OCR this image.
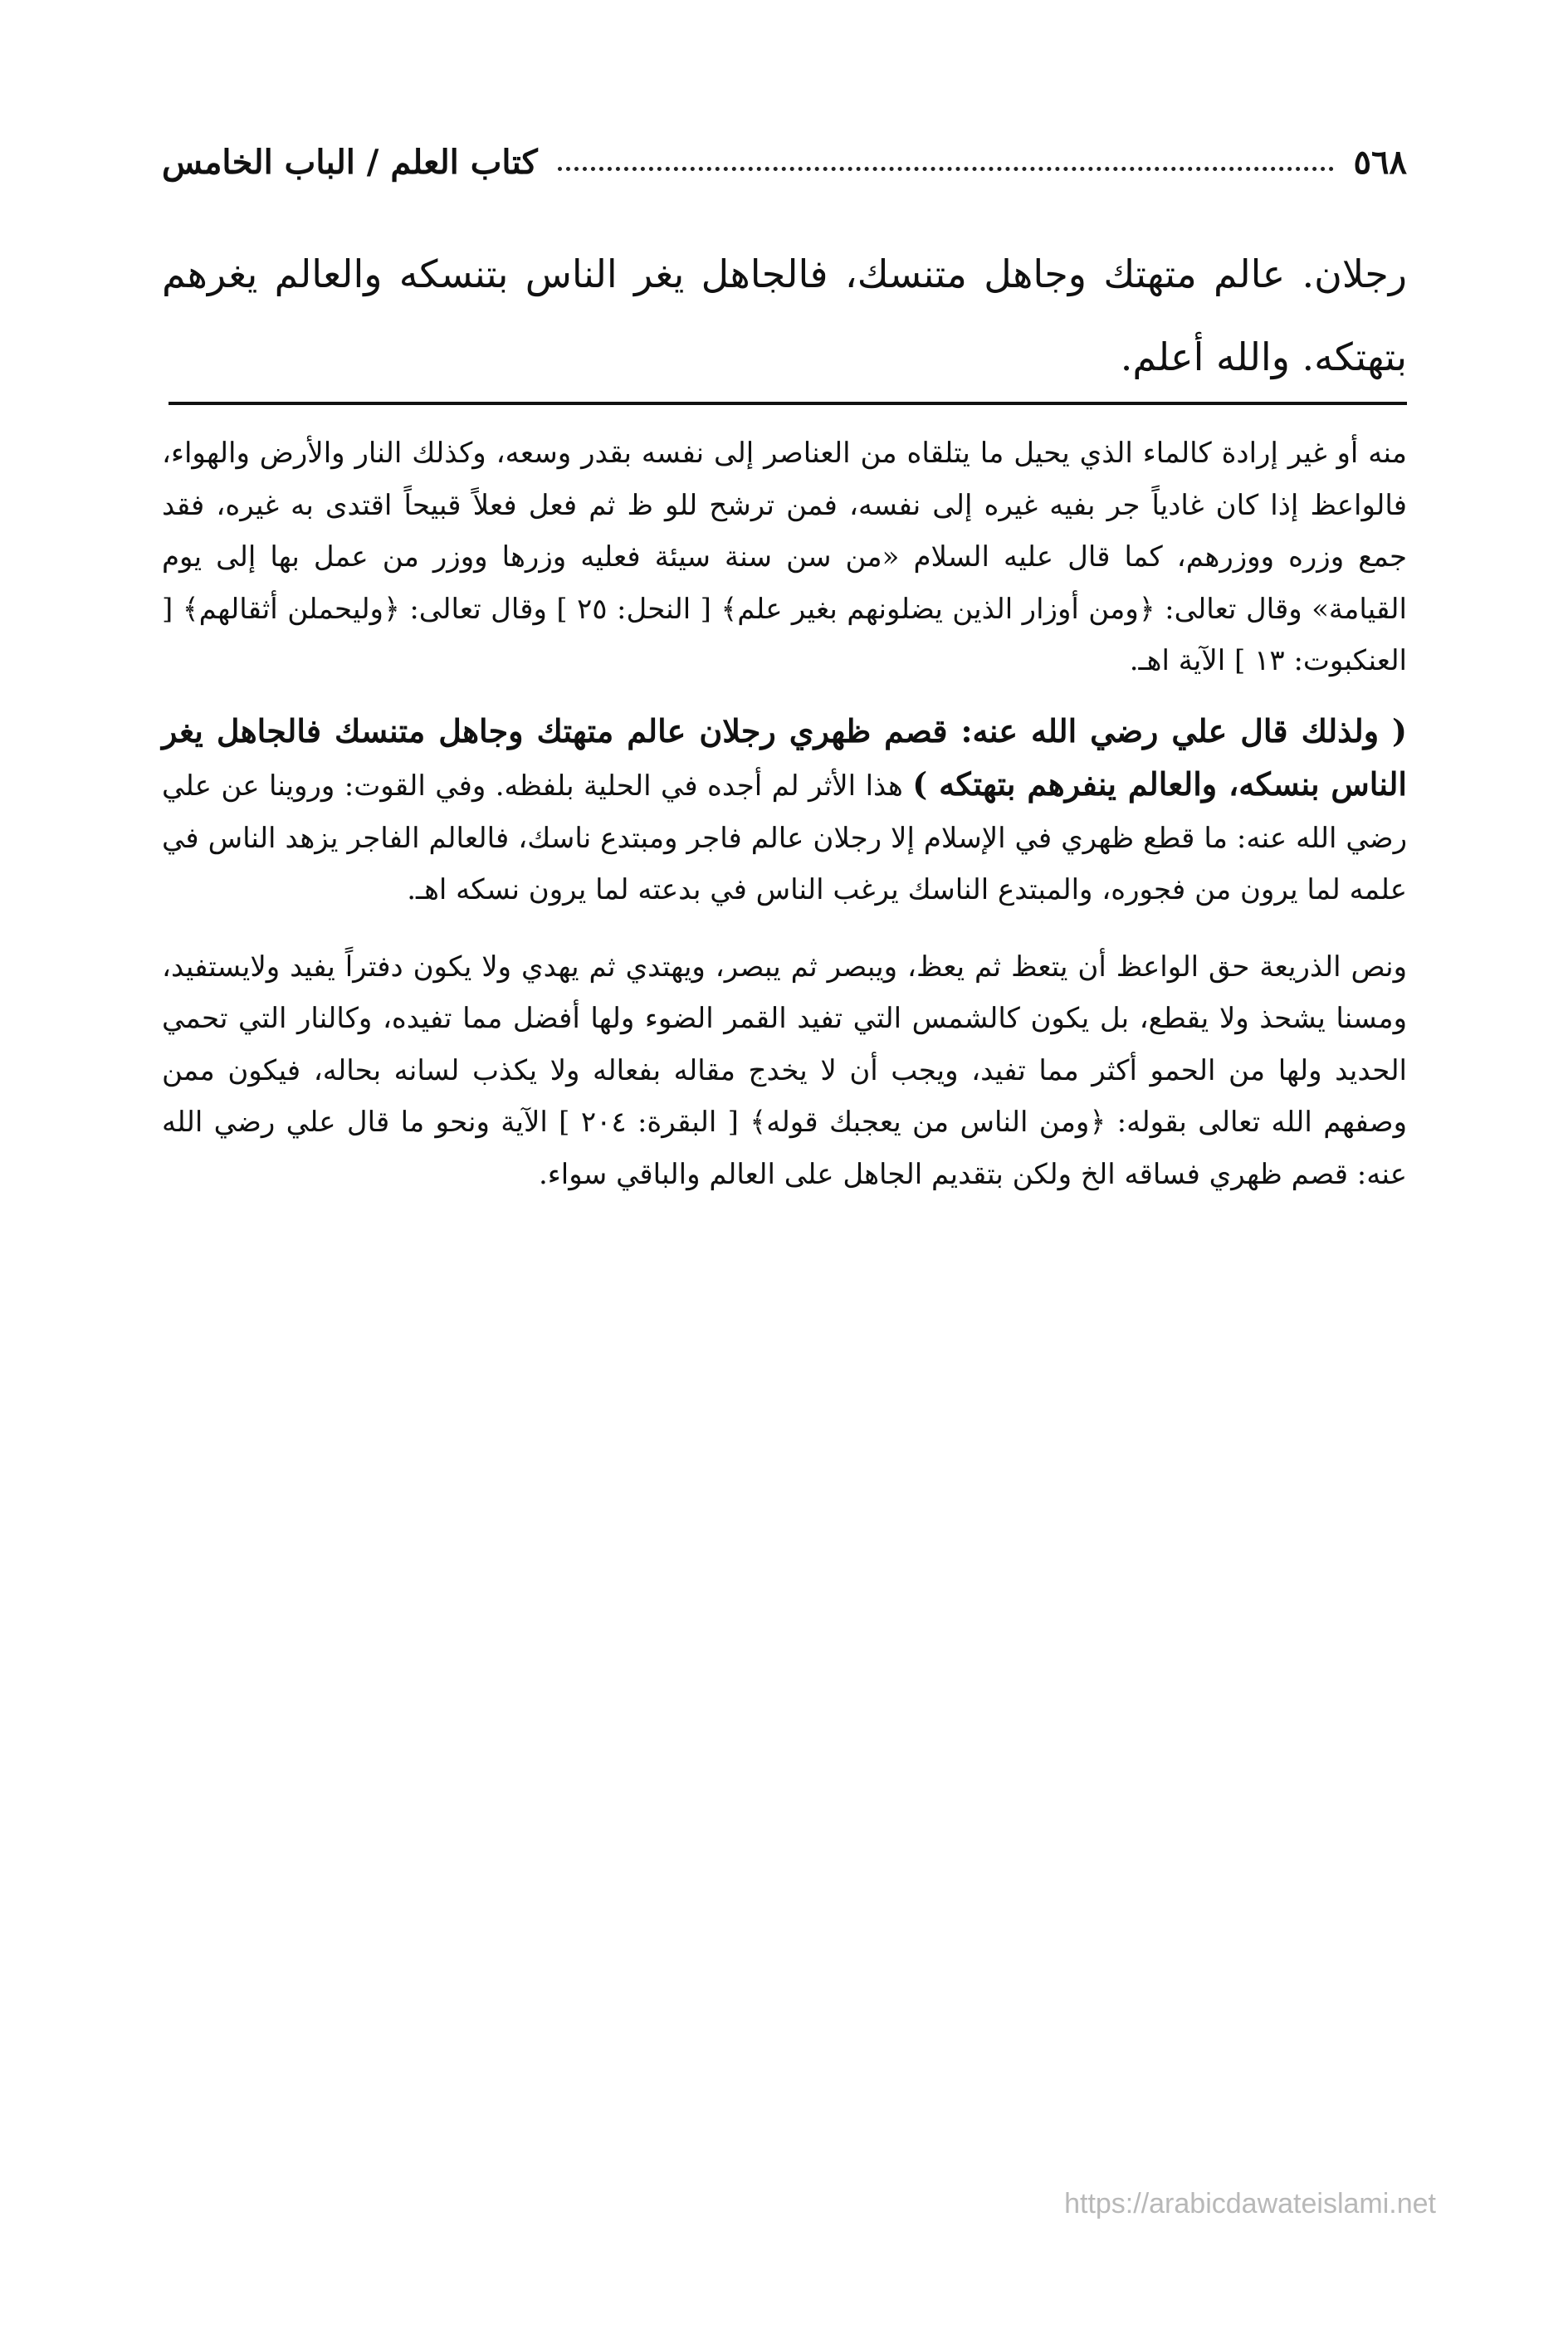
٥٦٨
كتاب العلم / الباب الخامس
رجلان. عالم متهتك وجاهل متنسك، فالجاهل يغر الناس بتنسكه والعالم يغرهم بتهتكه. والله أعلم.

منه أو غير إرادة كالماء الذي يحيل ما يتلقاه من العناصر إلى نفسه بقدر وسعه، وكذلك النار والأرض والهواء، فالواعظ إذا كان غادياً جر بفيه غيره إلى نفسه، فمن ترشح للو ظ ثم فعل فعلاً قبيحاً اقتدى به غيره، فقد جمع وزره ووزرهم، كما قال عليه السلام «من سن سنة سيئة فعليه وزرها ووزر من عمل بها إلى يوم القيامة» وقال تعالى: ﴿ومن أوزار الذين يضلونهم بغير علم﴾ [ النحل: ٢٥ ] وقال تعالى: ﴿وليحملن أثقالهم﴾ [ العنكبوت: ١٣ ] الآية اهـ.

( ولذلك قال علي رضي الله عنه: قصم ظهري رجلان عالم متهتك وجاهل متنسك فالجاهل يغر الناس بنسكه، والعالم ينفرهم بتهتكه ) هذا الأثر لم أجده في الحلية بلفظه. وفي القوت: وروينا عن علي رضي الله عنه: ما قطع ظهري في الإسلام إلا رجلان عالم فاجر ومبتدع ناسك، فالعالم الفاجر يزهد الناس في علمه لما يرون من فجوره، والمبتدع الناسك يرغب الناس في بدعته لما يرون نسكه اهـ.

ونص الذريعة حق الواعظ أن يتعظ ثم يعظ، ويبصر ثم يبصر، ويهتدي ثم يهدي ولا يكون دفتراً يفيد ولايستفيد، ومسنا يشحذ ولا يقطع، بل يكون كالشمس التي تفيد القمر الضوء ولها أفضل مما تفيده، وكالنار التي تحمي الحديد ولها من الحمو أكثر مما تفيد، ويجب أن لا يخدج مقاله بفعاله ولا يكذب لسانه بحاله، فيكون ممن وصفهم الله تعالى بقوله: ﴿ومن الناس من يعجبك قوله﴾ [ البقرة: ٢٠٤ ] الآية ونحو ما قال علي رضي الله عنه: قصم ظهري فساقه الخ ولكن بتقديم الجاهل على العالم والباقي سواء.

https://arabicdawateislami.net
